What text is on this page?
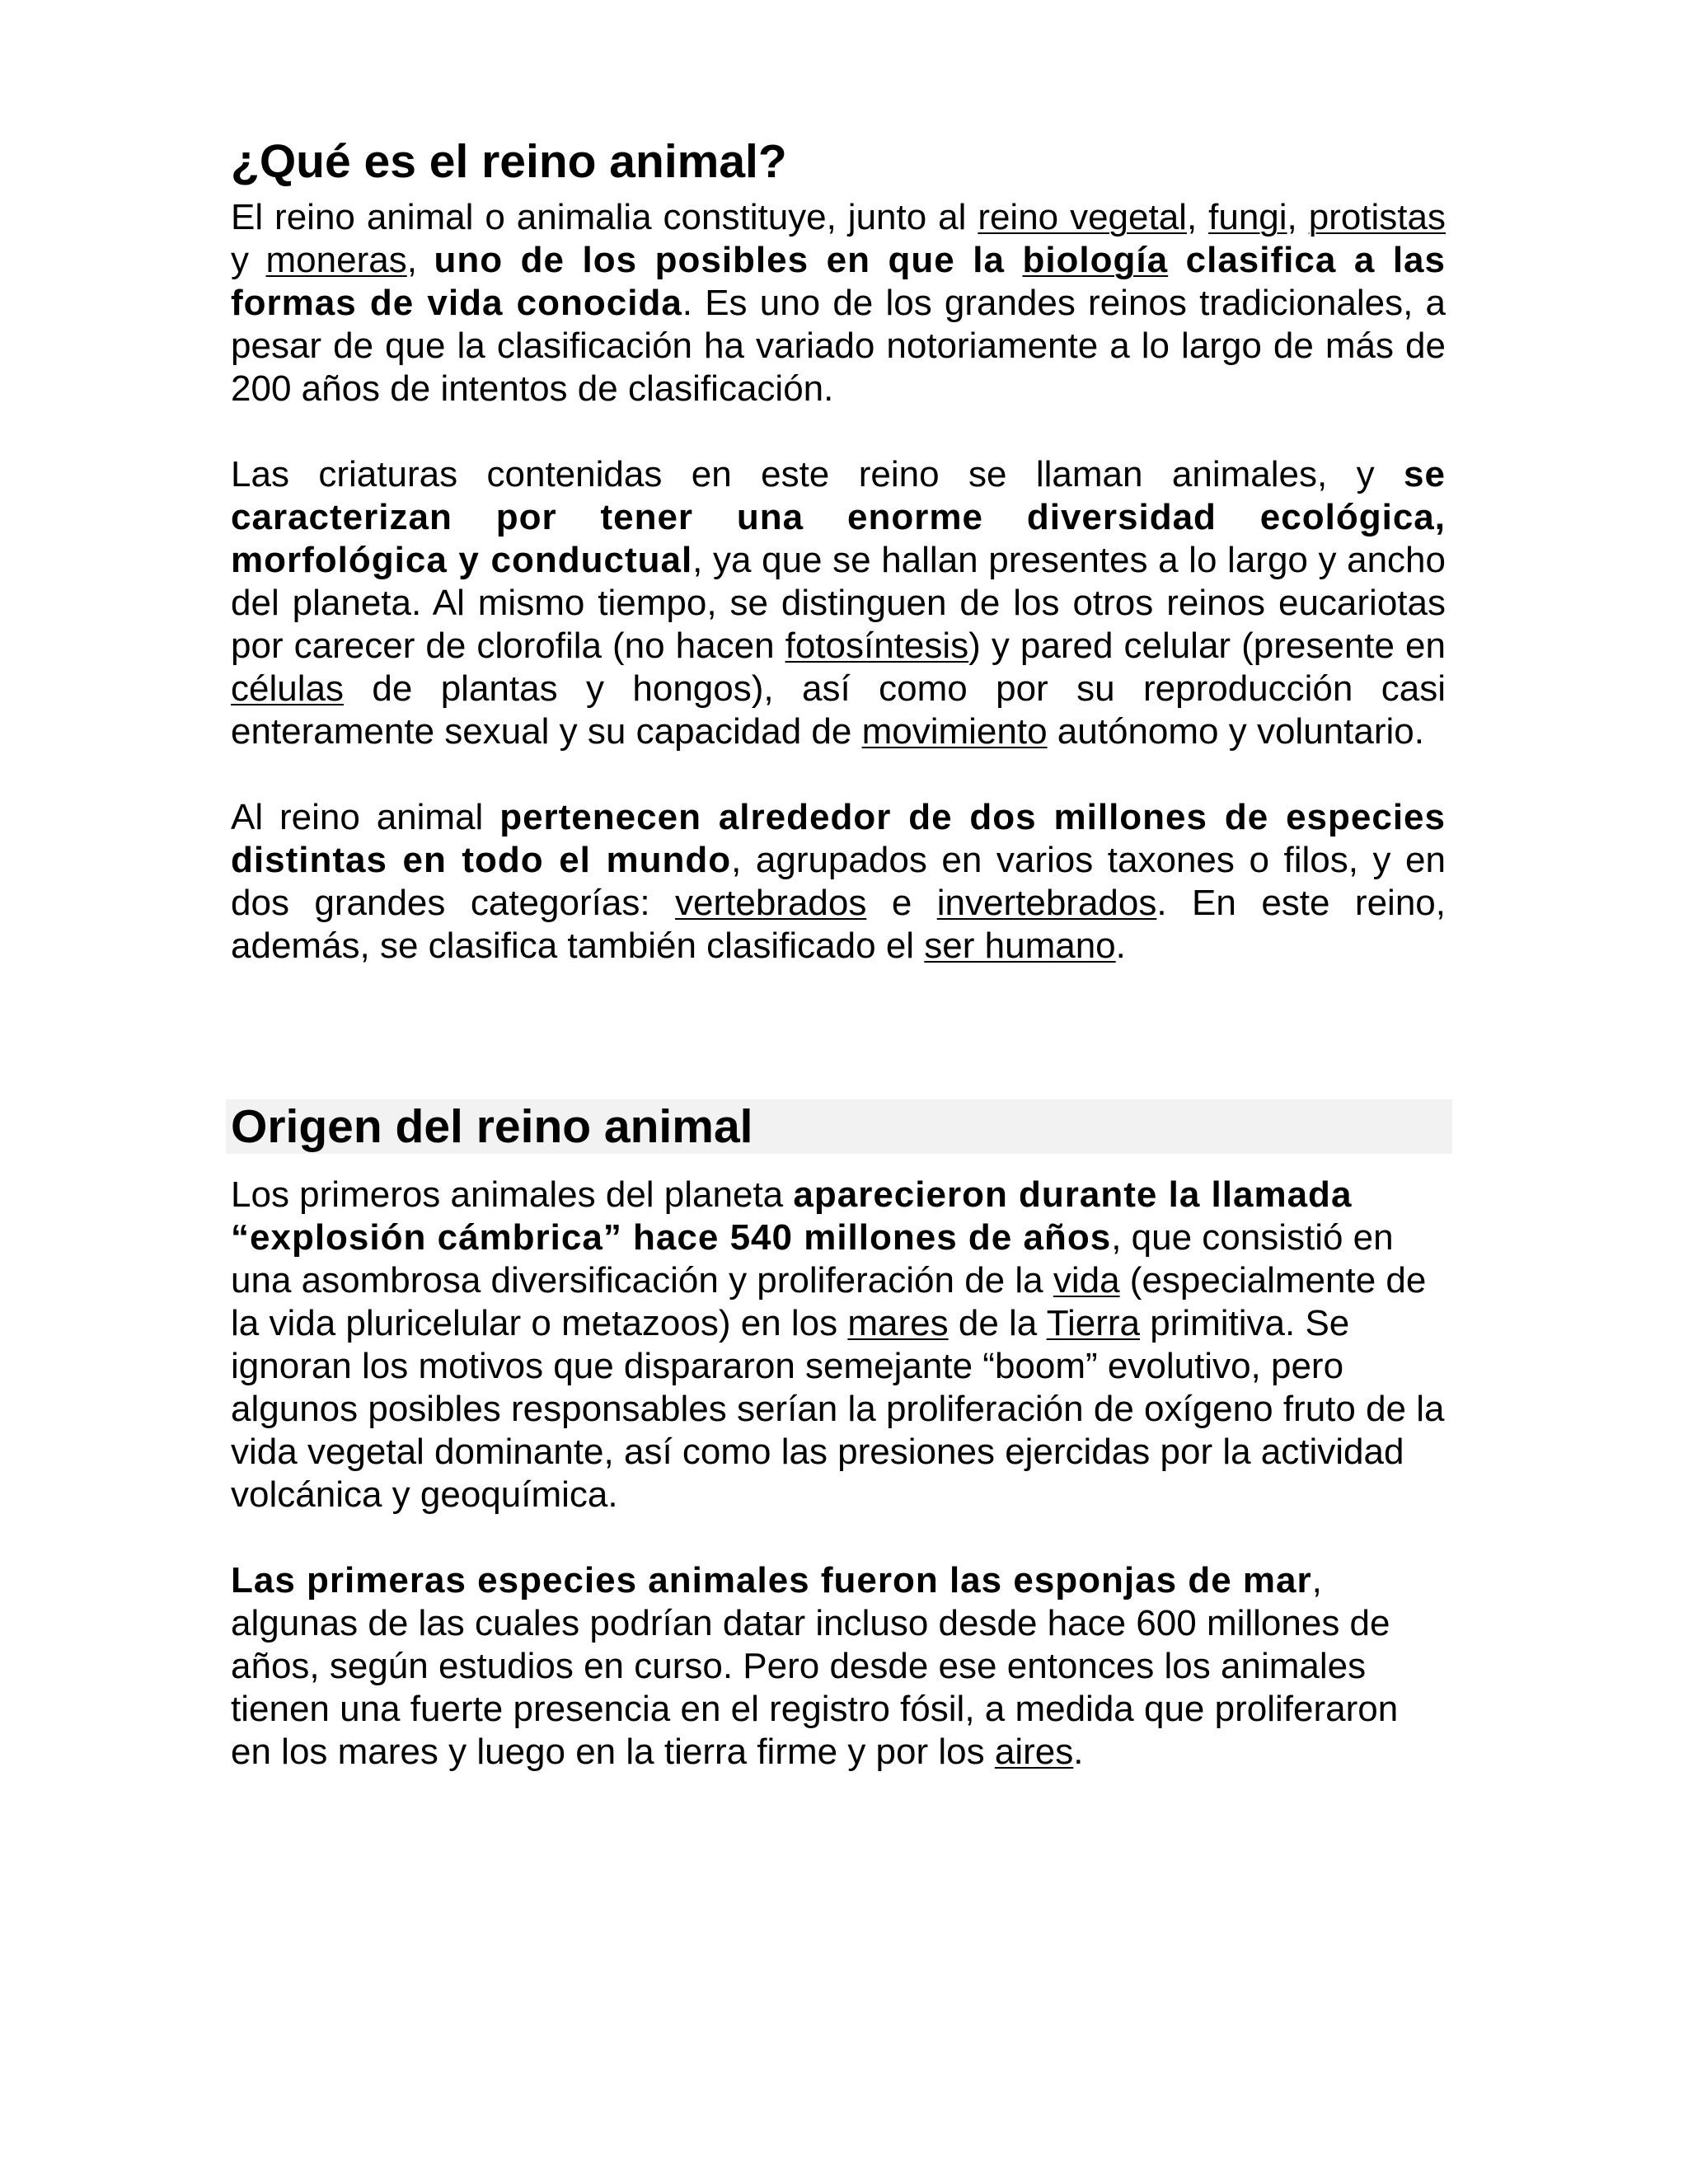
¿Qué es el reino animal?

El reino animal o animalia constituye, junto al reino vegetal, fungi, protistas y moneras, uno de los posibles en que la biología clasifica a las formas de vida conocida. Es uno de los grandes reinos tradicionales, a pesar de que la clasificación ha variado notoriamente a lo largo de más de 200 años de intentos de clasificación.

Las criaturas contenidas en este reino se llaman animales, y se caracterizan por tener una enorme diversidad ecológica, morfológica y conductual, ya que se hallan presentes a lo largo y ancho del planeta. Al mismo tiempo, se distinguen de los otros reinos eucariotas por carecer de clorofila (no hacen fotosíntesis) y pared celular (presente en células de plantas y hongos), así como por su reproducción casi enteramente sexual y su capacidad de movimiento autónomo y voluntario.

Al reino animal pertenecen alrededor de dos millones de especies distintas en todo el mundo, agrupados en varios taxones o filos, y en dos grandes categorías: vertebrados e invertebrados. En este reino, además, se clasifica también clasificado el ser humano.

Origen del reino animal

Los primeros animales del planeta aparecieron durante la llamada “explosión cámbrica” hace 540 millones de años, que consistió en una asombrosa diversificación y proliferación de la vida (especialmente de la vida pluricelular o metazoos) en los mares de la Tierra primitiva. Se ignoran los motivos que dispararon semejante “boom” evolutivo, pero algunos posibles responsables serían la proliferación de oxígeno fruto de la vida vegetal dominante, así como las presiones ejercidas por la actividad volcánica y geoquímica.

Las primeras especies animales fueron las esponjas de mar, algunas de las cuales podrían datar incluso desde hace 600 millones de años, según estudios en curso. Pero desde ese entonces los animales tienen una fuerte presencia en el registro fósil, a medida que proliferaron en los mares y luego en la tierra firme y por los aires.
